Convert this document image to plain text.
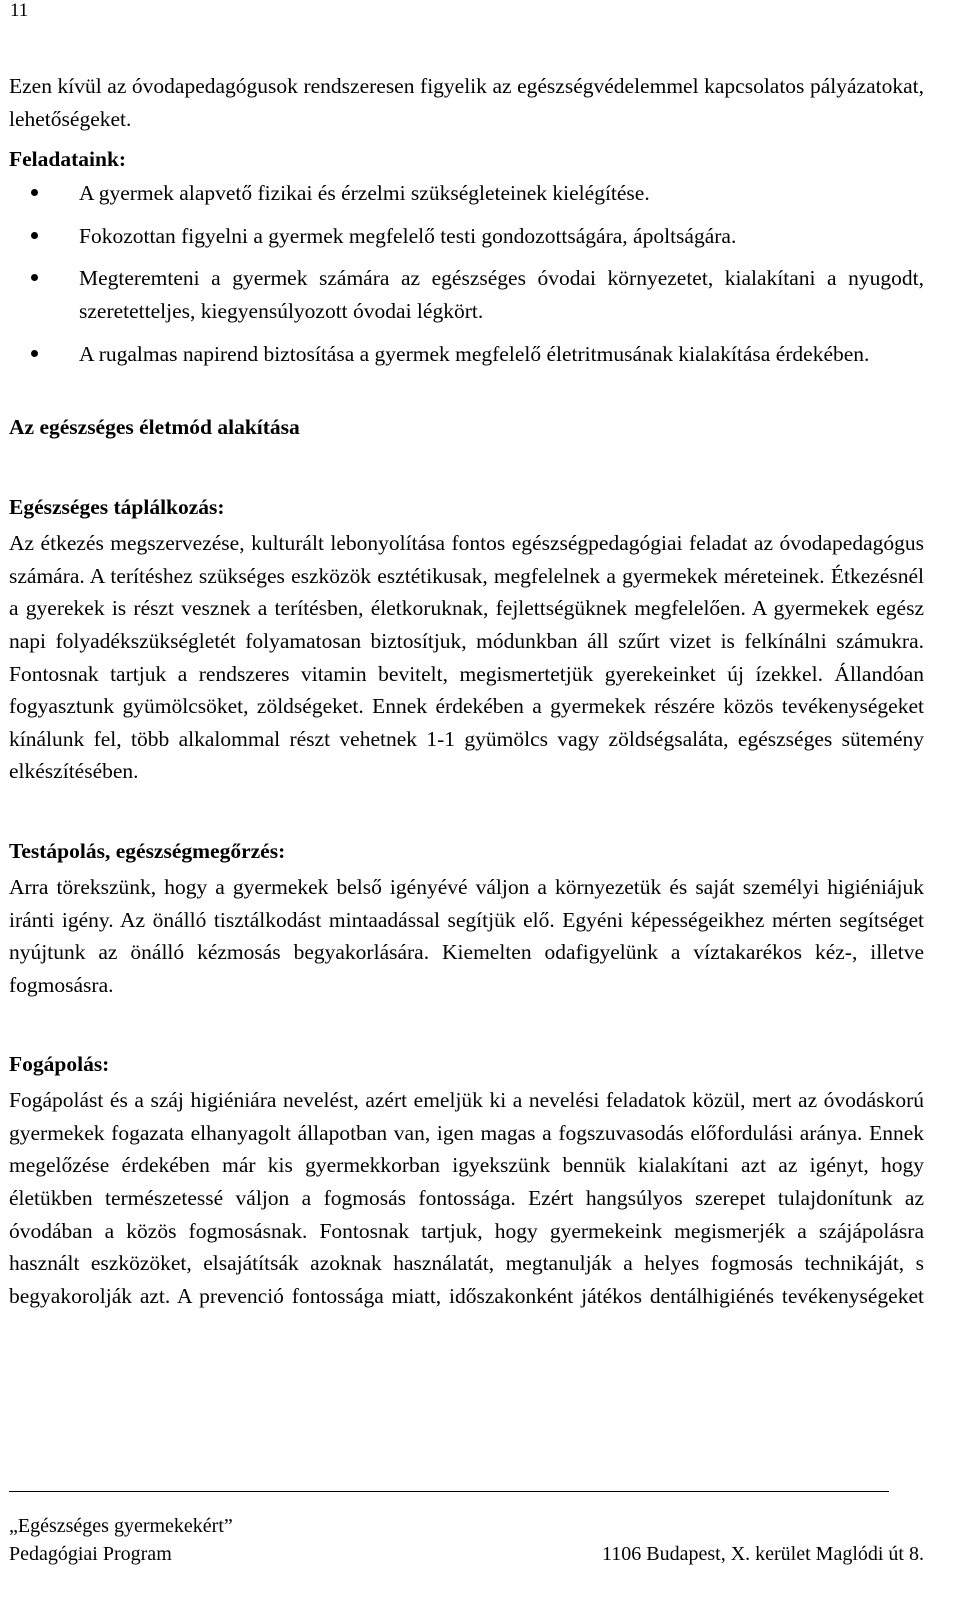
11

Ezen kívül az óvodapedagógusok rendszeresen figyelik az egészségvédelemmel kapcsolatos pályázatokat, lehetőségeket.

Feladataink:
A gyermek alapvető fizikai és érzelmi szükségleteinek kielégítése.
Fokozottan figyelni a gyermek megfelelő testi gondozottságára, ápoltságára.
Megteremteni a gyermek számára az egészséges óvodai környezetet, kialakítani a nyugodt, szeretetteljes, kiegyensúlyozott óvodai légkört.
A rugalmas napirend biztosítása a gyermek megfelelő életritmusának kialakítása érdekében.
Az egészséges életmód alakítása
Egészséges táplálkozás:

Az étkezés megszervezése, kulturált lebonyolítása fontos egészségpedagógiai feladat az óvodapedagógus számára. A terítéshez szükséges eszközök esztétikusak, megfelelnek a gyermekek méreteinek. Étkezésnél a gyerekek is részt vesznek a terítésben, életkoruknak, fejlettségüknek megfelelően. A gyermekek egész napi folyadékszükségletét folyamatosan biztosítjuk, módunkban áll szűrt vizet is felkínálni számukra. Fontosnak tartjuk a rendszeres vitamin bevitelt, megismertetjük gyerekeinket új ízekkel. Állandóan fogyasztunk gyümölcsöket, zöldségeket. Ennek érdekében a gyermekek részére közös tevékenységeket kínálunk fel, több alkalommal részt vehetnek 1-1 gyümölcs vagy zöldségsaláta, egészséges sütemény elkészítésében.

Testápolás, egészségmegőrzés:

Arra törekszünk, hogy a gyermekek belső igényévé váljon a környezetük és saját személyi higiéniájuk iránti igény. Az önálló tisztálkodást mintaadással segítjük elő. Egyéni képességeikhez mérten segítséget nyújtunk az önálló kézmosás begyakorlására. Kiemelten odafigyelünk a víztakarékos kéz-, illetve fogmosásra.

Fogápolás:

Fogápolást és a száj higiéniára nevelést, azért emeljük ki a nevelési feladatok közül, mert az óvodáskorú gyermekek fogazata elhanyagolt állapotban van, igen magas a fogszuvasodás előfordulási aránya. Ennek megelőzése érdekében már kis gyermekkorban igyekszünk bennük kialakítani azt az igényt, hogy életükben természetessé váljon a fogmosás fontossága. Ezért hangsúlyos szerepet tulajdonítunk az óvodában a közös fogmosásnak. Fontosnak tartjuk, hogy gyermekeink megismerjék a szájápolásra használt eszközöket, elsajátítsák azoknak használatát, megtanulják a helyes fogmosás technikáját, s begyakorolják azt. A prevenció fontossága miatt, időszakonként játékos dentálhigiénés tevékenységeket

„Egészséges gyermekekért”
Pedagógiai Program	1106 Budapest, X. kerület Maglódi út 8.
